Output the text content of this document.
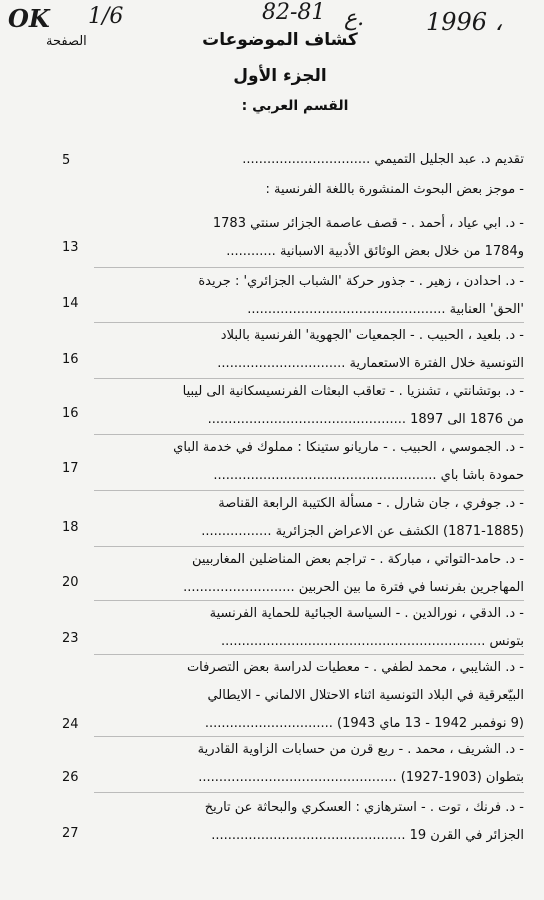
OK 1/6	82-81 ع.	1996 ،
الصفحة	كشاف الموضوعات
الجزء الأول
القسم العربي :
تقديم د. عبد الجليل التميمي ...............................
5
- موجز بعض البحوث المنشورة باللغة الفرنسية :
- د. ابي عياد ، أحمد . - قصف عاصمة الجزائر سنتي 1783
و1784 من خلال بعض الوثائق الأدبية الاسبانية ............
13
- د. احدادن ، زهير . - جذور حركة 'الشباب الجزائري' : جريدة
'الحق' العنابية ................................................
14
- د. بلعيد ، الحبيب . - الجمعيات 'الجهوية' الفرنسية بالبلاد
التونسية خلال الفترة الاستعمارية ...............................
16
- د. بوتشانتي ، تشنزيا . - تعاقب البعثات الفرنسيسكانية الى ليبيا
من 1876 الى 1897 ................................................
16
- د. الجموسي ، الحبيب . - ماريانو ستينكا : مملوك في خدمة الباي
حمودة باشا باي ......................................................
17
- د. جوفري ، جان شارل . - مسألة الكتيبة الرابعة القناصة
(1871-1885) الكشف عن الاعراض الجزائرية .................
18
- د. حامد-التواتي ، مباركة . - تراجم بعض المناضلين المغاربيين
المهاجرين بفرنسا في فترة ما بين الحربين ...........................
20
- د. الدقي ، نورالدين . - السياسة الجبائية للحماية الفرنسية
بتونس ................................................................
23
- د. الشايبي ، محمد لطفي . - معطيات لدراسة بعض التصرفات
البيّعرقية في البلاد التونسية اثناء الاحتلال الالماني - الايطالي
(9 نوفمبر 1942 - 13 ماي 1943) ...............................
24
- د. الشريف ، محمد . - ربع قرن من حسابات الزاوية القادرية
بتطوان (1903-1927) ................................................
26
- د. فرنك ، توت . - استرهازي : العسكري والبحاثة عن تاريخ
الجزائر في القرن 19 ...............................................
27
